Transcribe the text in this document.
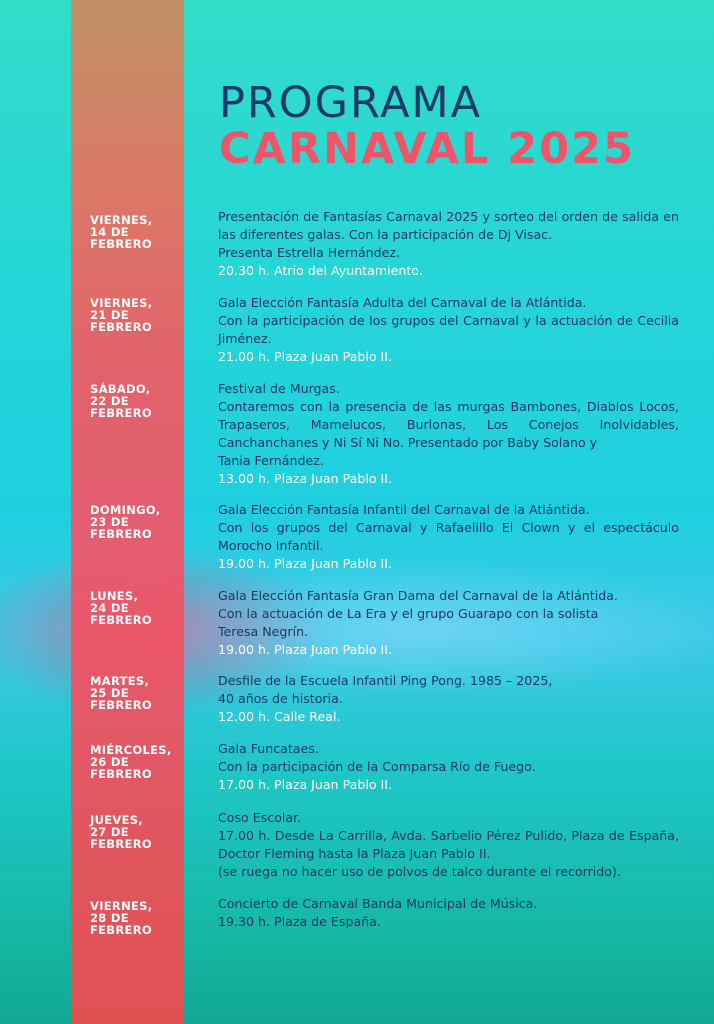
PROGRAMA
CARNAVAL 2025
VIERNES,
14 DE
FEBRERO

Presentación de Fantasías Carnaval 2025 y sorteo del orden de salida en las diferentes galas. Con la participación de Dj Visac.

Presenta Estrella Hernández.

20.30 h. Atrio del Ayuntamiento.

VIERNES,
21 DE
FEBRERO

Gala Elección Fantasía Adulta del Carnaval de la Atlántida.

Con la participación de los grupos del Carnaval y la actuación de Cecilia Jiménez.

21.00 h. Plaza Juan Pablo II.

SÁBADO,
22 DE
FEBRERO

Festival de Murgas.

Contaremos con la presencia de las murgas Bambones, Diablos Locos, Trapaseros, Mamelucos, Burlonas, Los Conejos Inolvidables, Canchanchanes y Ni Sí Ni No. Presentado por Baby Solano y

Tania Fernández.

13.00 h. Plaza Juan Pablo II.

DOMINGO,
23 DE
FEBRERO

Gala Elección Fantasía Infantil del Carnaval de la Atlántida.

Con los grupos del Carnaval y Rafaelillo El Clown y el espectáculo Morocho Infantil.

19.00 h. Plaza Juan Pablo II.

LUNES,
24 DE
FEBRERO

Gala Elección Fantasía Gran Dama del Carnaval de la Atlántida.

Con la actuación de La Era y el grupo Guarapo con la solista

Teresa Negrín.

19.00 h. Plaza Juan Pablo II.

MARTES,
25 DE
FEBRERO

Desfile de la Escuela Infantil Ping Pong. 1985 – 2025,

40 años de historia.

12.00 h. Calle Real.

MIÉRCOLES,
26 DE
FEBRERO

Gala Funcataes.

Con la participación de la Comparsa Río de Fuego.

17.00 h. Plaza Juan Pablo II.

JUEVES,
27 DE
FEBRERO

Coso Escolar.

17.00 h. Desde La Carrilla, Avda. Sarbelio Pérez Pulido, Plaza de España, Doctor Fleming hasta la Plaza Juan Pablo II.

(se ruega no hacer uso de polvos de talco durante el recorrido).

VIERNES,
28 DE
FEBRERO

Concierto de Carnaval Banda Municipal de Música.

19.30 h. Plaza de España.
